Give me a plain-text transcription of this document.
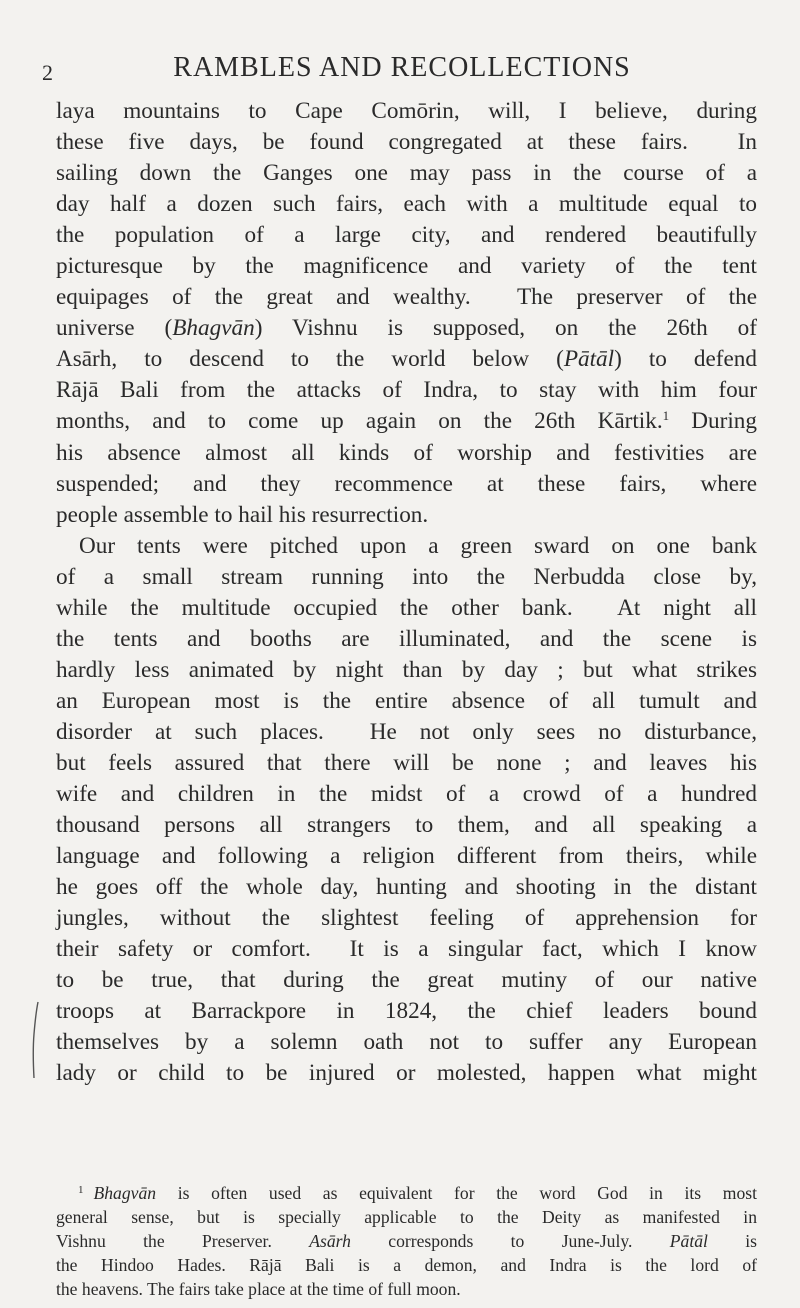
2	RAMBLES AND RECOLLECTIONS
laya mountains to Cape Comōrin, will, I believe, during
these five days, be found congregated at these fairs.  In
sailing down the Ganges one may pass in the course of a
day half a dozen such fairs, each with a multitude equal to
the population of a large city, and rendered beautifully
picturesque by the magnificence and variety of the tent
equipages of the great and wealthy.  The preserver of the
universe (Bhagvān) Vishnu is supposed, on the 26th of
Asārh, to descend to the world below (Pātāl) to defend
Rājā Bali from the attacks of Indra, to stay with him four
months, and to come up again on the 26th Kārtik.$^1$ During
his absence almost all kinds of worship and festivities are
suspended; and they recommence at these fairs, where
people assemble to hail his resurrection.
Our tents were pitched upon a green sward on one bank
of a small stream running into the Nerbudda close by,
while the multitude occupied the other bank.  At night all
the tents and booths are illuminated, and the scene is
hardly less animated by night than by day ; but what strikes
an European most is the entire absence of all tumult and
disorder at such places.  He not only sees no disturbance,
but feels assured that there will be none ; and leaves his
wife and children in the midst of a crowd of a hundred
thousand persons all strangers to them, and all speaking a
language and following a religion different from theirs, while
he goes off the whole day, hunting and shooting in the distant
jungles, without the slightest feeling of apprehension for
their safety or comfort.  It is a singular fact, which I know
to be true, that during the great mutiny of our native
troops at Barrackpore in 1824, the chief leaders bound
themselves by a solemn oath not to suffer any European
lady or child to be injured or molested, happen what might
$^1$ Bhagvān is often used as equivalent for the word God in its most
general sense, but is specially applicable to the Deity as manifested in
Vishnu the Preserver. Asārh corresponds to June-July. Pātāl is
the Hindoo Hades. Rājā Bali is a demon, and Indra is the lord of
the heavens. The fairs take place at the time of full moon.
